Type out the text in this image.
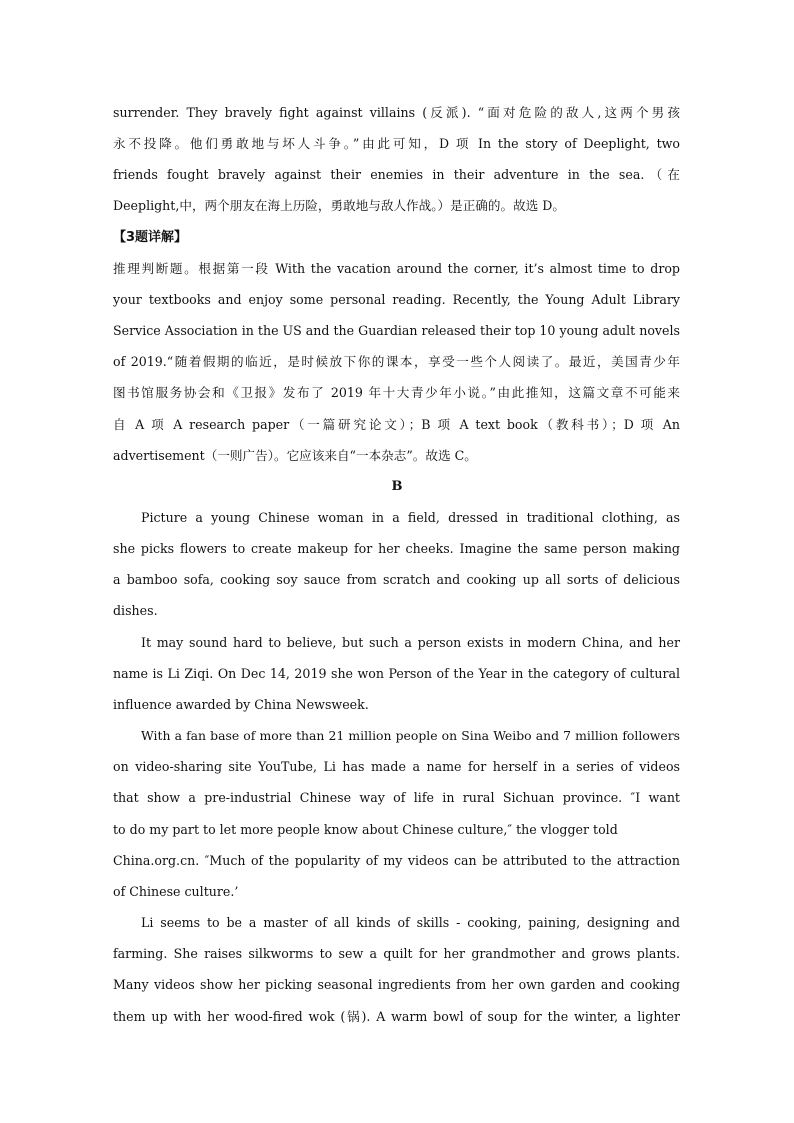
surrender. They bravely fight against villains (反派). “面对危险的敌人,这两个男孩
永不投降。他们勇敢地与坏人斗争。”由此可知，D 项 In the story of Deeplight, two
friends fought bravely against their enemies in their adventure in the sea.（在
Deeplight,中，两个朋友在海上历险，勇敢地与敌人作战。）是正确的。故选 D。
【3题详解】
推理判断题。根据第一段 With the vacation around the corner, it’s almost time to drop
your textbooks and enjoy some personal reading. Recently, the Young Adult Library
Service Association in the US and the Guardian released their top 10 young adult novels
of 2019.“随着假期的临近，是时候放下你的课本，享受一些个人阅读了。最近，美国青少年
图书馆服务协会和《卫报》发布了 2019 年十大青少年小说。”由此推知，这篇文章不可能来
自 A 项 A research paper（一篇研究论文）；B 项 A text book（教科书）；D 项 An
advertisement（一则广告）。它应该来自“一本杂志”。故选 C。
B
Picture a young Chinese woman in a field, dressed in traditional clothing, as
she picks flowers to create makeup for her cheeks. Imagine the same person making
a bamboo sofa, cooking soy sauce from scratch and cooking up all sorts of delicious
dishes.
It may sound hard to believe, but such a person exists in modern China, and her
name is Li Ziqi. On Dec 14, 2019 she won Person of the Year in the category of cultural
influence awarded by China Newsweek.
With a fan base of more than 21 million people on Sina Weibo and 7 million followers
on video-sharing site YouTube, Li has made a name for herself in a series of videos
that show a pre-industrial Chinese way of life in rural Sichuan province. ″I want
to do my part to let more people know about Chinese culture,″ the vlogger told
China.org.cn. ″Much of the popularity of my videos can be attributed to the attraction
of Chinese culture.’
Li seems to be a master of all kinds of skills - cooking, paining, designing and
farming. She raises silkworms to sew a quilt for her grandmother and grows plants.
Many videos show her picking seasonal ingredients from her own garden and cooking
them up with her wood-fired wok (锅). A warm bowl of soup for the winter, a lighter
